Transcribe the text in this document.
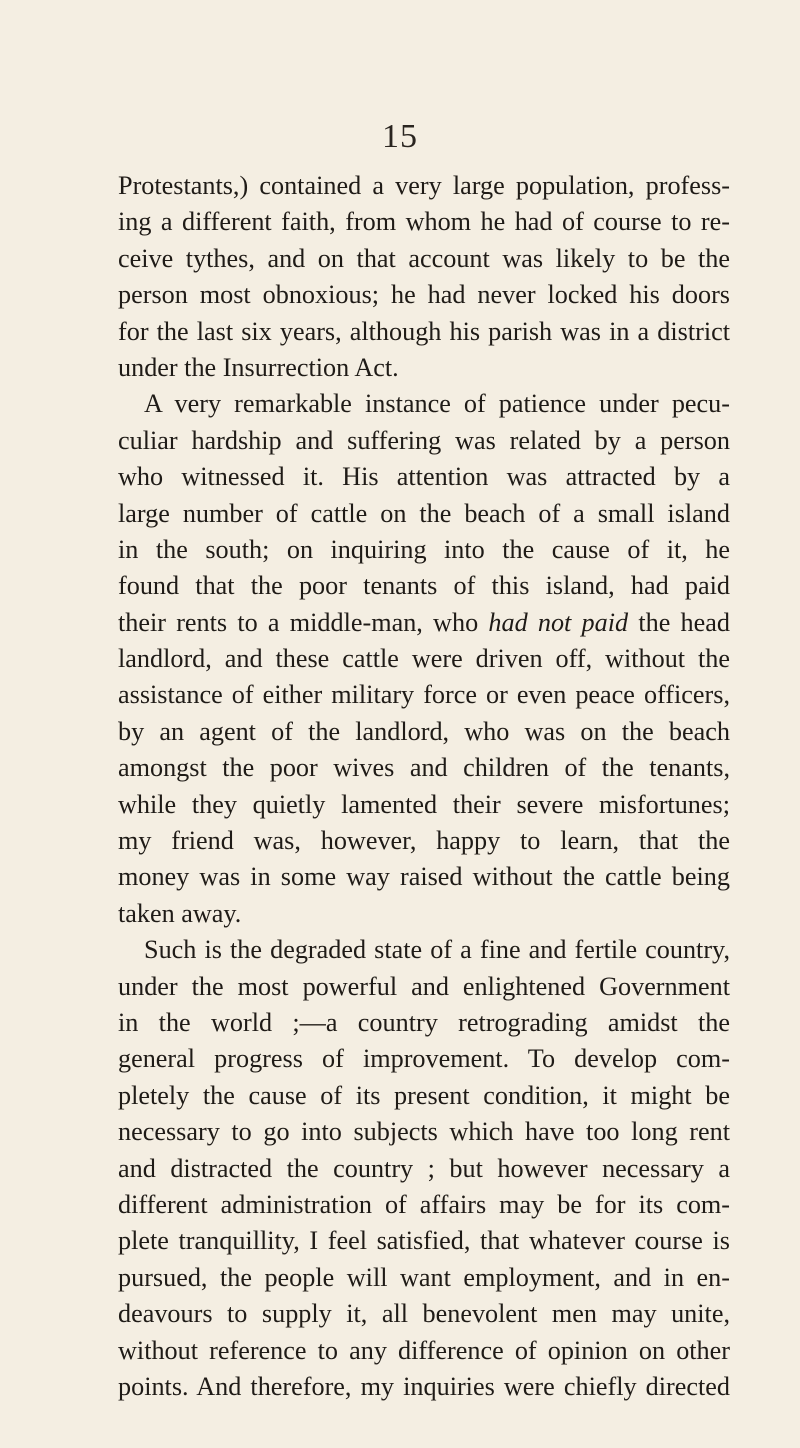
15
Protestants,) contained a very large population, profess-
ing a different faith, from whom he had of course to re-
ceive tythes, and on that account was likely to be the
person most obnoxious; he had never locked his doors
for the last six years, although his parish was in a district
under the Insurrection Act.
A very remarkable instance of patience under pecu-
culiar hardship and suffering was related by a person
who witnessed it. His attention was attracted by a
large number of cattle on the beach of a small island
in the south; on inquiring into the cause of it, he
found that the poor tenants of this island, had paid
their rents to a middle-man, who had not paid the head
landlord, and these cattle were driven off, without the
assistance of either military force or even peace officers,
by an agent of the landlord, who was on the beach
amongst the poor wives and children of the tenants,
while they quietly lamented their severe misfortunes;
my friend was, however, happy to learn, that the
money was in some way raised without the cattle being
taken away.
Such is the degraded state of a fine and fertile country,
under the most powerful and enlightened Government
in the world ;—a country retrograding amidst the
general progress of improvement. To develop com-
pletely the cause of its present condition, it might be
necessary to go into subjects which have too long rent
and distracted the country ; but however necessary a
different administration of affairs may be for its com-
plete tranquillity, I feel satisfied, that whatever course is
pursued, the people will want employment, and in en-
deavours to supply it, all benevolent men may unite,
without reference to any difference of opinion on other
points. And therefore, my inquiries were chiefly directed
